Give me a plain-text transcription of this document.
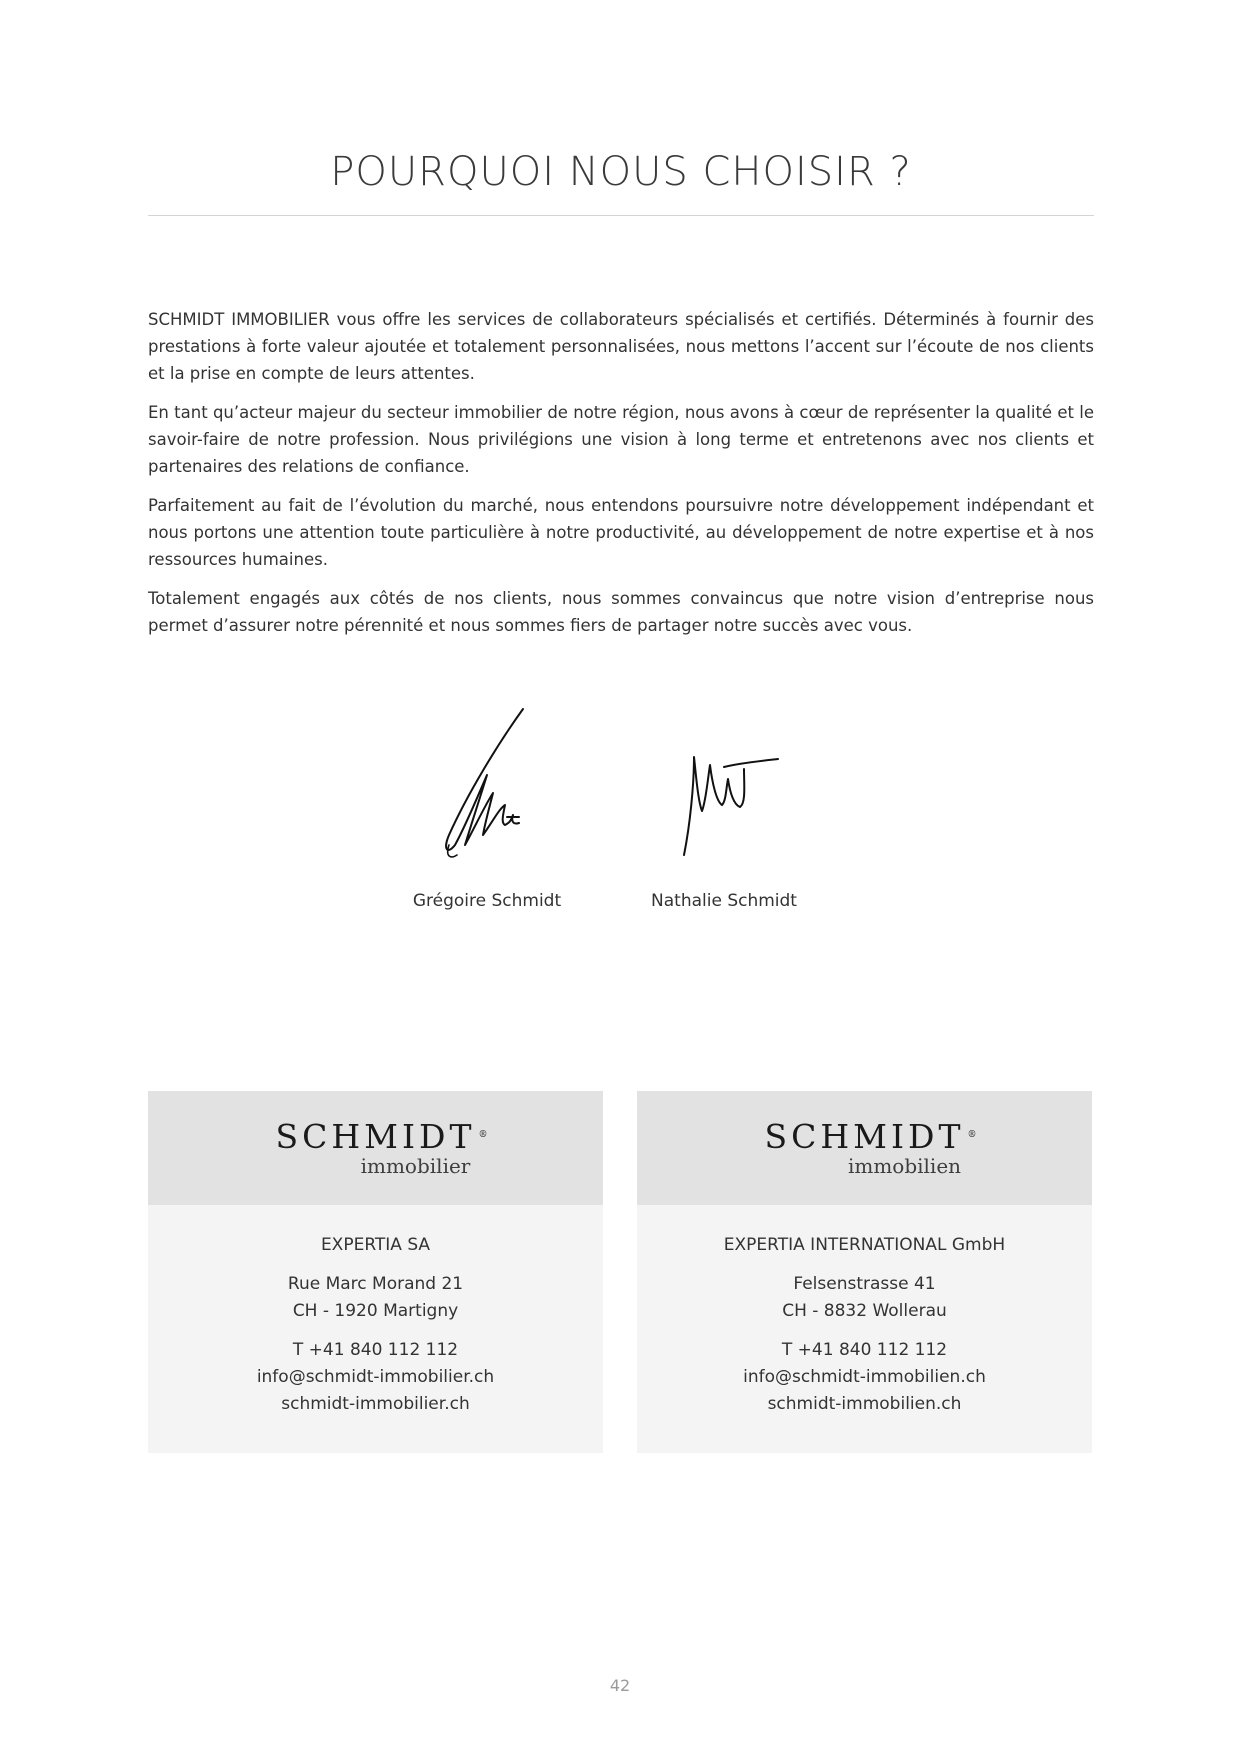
POURQUOI NOUS CHOISIR ?

SCHMIDT IMMOBILIER vous offre les services de collaborateurs spécialisés et certifiés. Déterminés à fournir des prestations à forte valeur ajoutée et totalement personnalisées, nous mettons l’accent sur l’écoute de nos clients et la prise en compte de leurs attentes.

En tant qu’acteur majeur du secteur immobilier de notre région, nous avons à cœur de représenter la qualité et le savoir-faire de notre profession. Nous privilégions une vision à long terme et entretenons avec nos clients et partenaires des relations de confiance.

Parfaitement au fait de l’évolution du marché, nous entendons poursuivre notre développement indépendant et nous portons une attention toute particulière à notre productivité, au développement de notre expertise et à nos ressources humaines.

Totalement engagés aux côtés de nos clients, nous sommes convaincus que notre vision d’entreprise nous permet d’assurer notre pérennité et nous sommes fiers de partager notre succès avec vous.

Grégoire Schmidt	Nathalie Schmidt
SCHMIDT ®
immobilier
EXPERTIA SA
Rue Marc Morand 21
CH - 1920 Martigny
T +41 840 112 112
info@schmidt-immobilier.ch
schmidt-immobilier.ch
SCHMIDT ®
immobilien
EXPERTIA INTERNATIONAL GmbH
Felsenstrasse 41
CH - 8832 Wollerau
T +41 840 112 112
info@schmidt-immobilien.ch
schmidt-immobilien.ch
42
